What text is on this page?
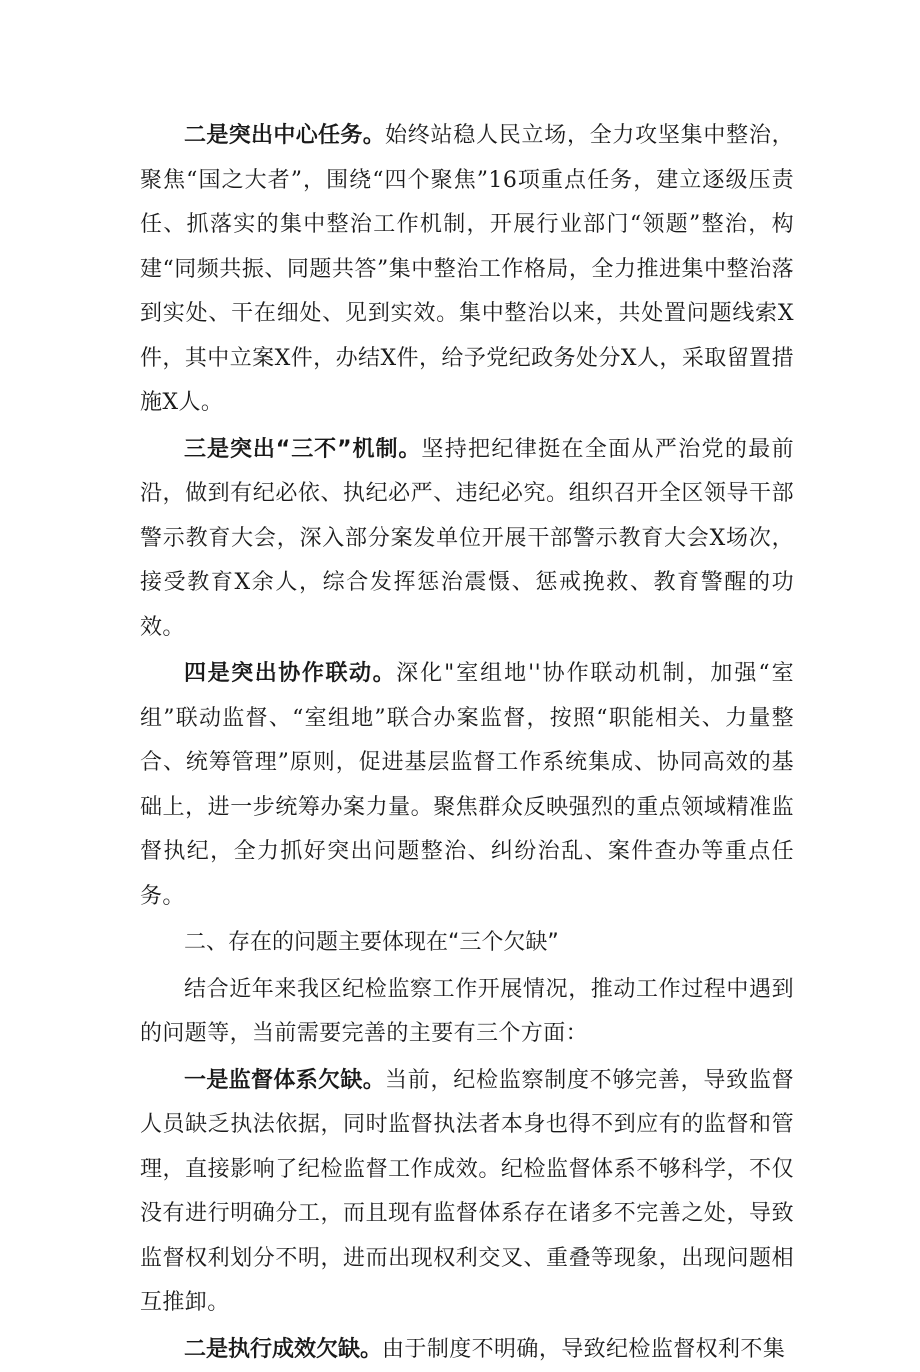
二是突出中心任务。始终站稳人民立场，全力攻坚集中整治，聚焦“国之大者”，围绕“四个聚焦”16项重点任务，建立逐级压责任、抓落实的集中整治工作机制，开展行业部门“领题”整治，构建“同频共振、同题共答”集中整治工作格局，全力推进集中整治落到实处、干在细处、见到实效。集中整治以来，共处置问题线索X件，其中立案X件，办结X件，给予党纪政务处分X人，采取留置措施X人。

三是突出“三不”机制。坚持把纪律挺在全面从严治党的最前沿，做到有纪必依、执纪必严、违纪必究。组织召开全区领导干部警示教育大会，深入部分案发单位开展干部警示教育大会X场次，接受教育X余人，综合发挥惩治震慑、惩戒挽救、教育警醒的功效。

四是突出协作联动。深化"室组地''协作联动机制，加强“室组”联动监督、“室组地”联合办案监督，按照“职能相关、力量整合、统筹管理”原则，促进基层监督工作系统集成、协同高效的基础上，进一步统筹办案力量。聚焦群众反映强烈的重点领域精准监督执纪，全力抓好突出问题整治、纠纷治乱、案件查办等重点任务。

二、存在的问题主要体现在“三个欠缺”

结合近年来我区纪检监察工作开展情况，推动工作过程中遇到的问题等，当前需要完善的主要有三个方面：

一是监督体系欠缺。当前，纪检监察制度不够完善，导致监督人员缺乏执法依据，同时监督执法者本身也得不到应有的监督和管理，直接影响了纪检监督工作成效。纪检监督体系不够科学，不仅没有进行明确分工，而且现有监督体系存在诸多不完善之处，导致监督权利划分不明，进而出现权利交叉、重叠等现象，出现问题相互推卸。

二是执行成效欠缺。由于制度不明确，导致纪检监督权利不集
